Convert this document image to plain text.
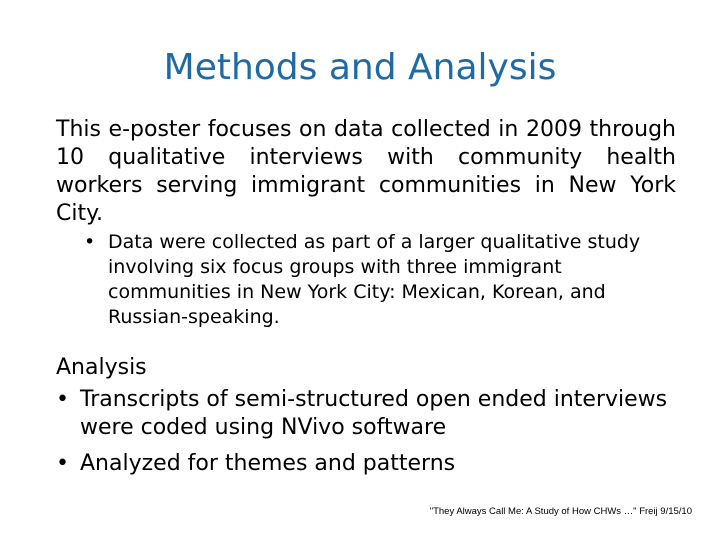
Methods and Analysis
This e-poster focuses on data collected in 2009 through 10 qualitative interviews with community health workers serving immigrant communities in New York City.
• Data were collected as part of a larger qualitative study involving six focus groups with three immigrant communities in New York City: Mexican, Korean, and Russian-speaking.
Analysis
• Transcripts of semi-structured open ended interviews were coded using NVivo software
• Analyzed for themes and patterns
"They Always Call Me: A Study of How CHWs …" Freij 9/15/10
